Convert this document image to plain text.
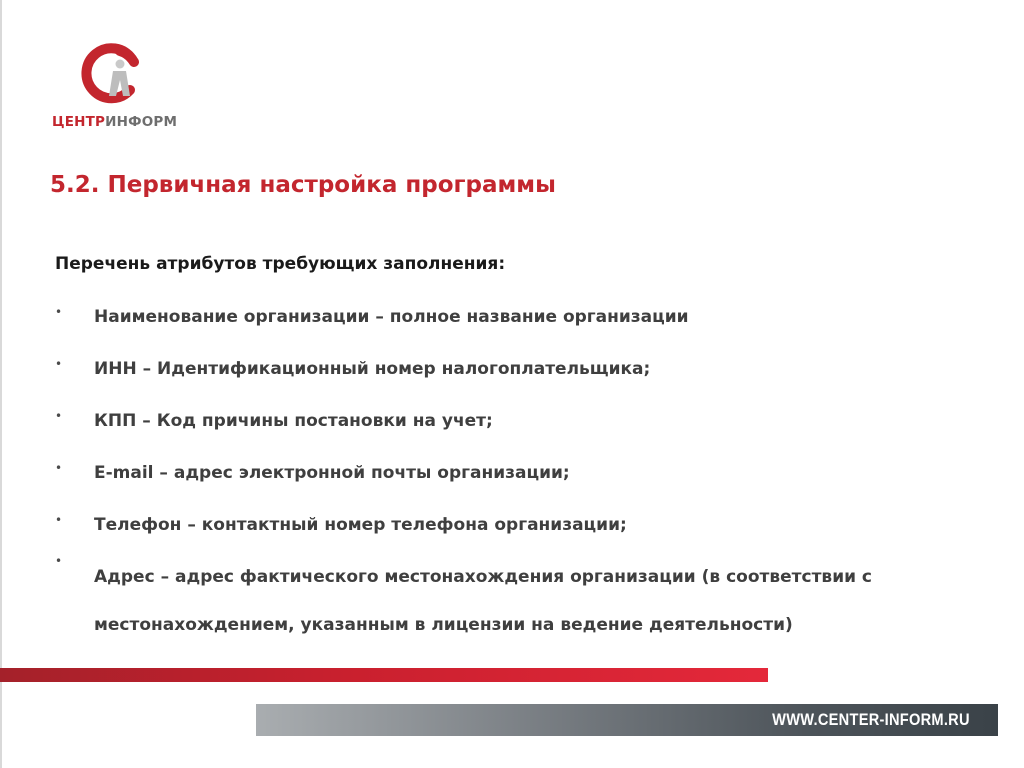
ЦЕНТРИНФОРМ
5.2. Первичная настройка программы

Перечень атрибутов требующих заполнения:

• Наименование организации – полное название организации
• ИНН – Идентификационный номер налогоплательщика;
• КПП – Код причины постановки на учет;
• E-mail – адрес электронной почты организации;
• Телефон – контактный номер телефона организации;
•
Адрес – адрес фактического местонахождения организации (в соответствии с местонахождением, указанным в лицензии на ведение деятельности)
WWW.CENTER-INFORM.RU
